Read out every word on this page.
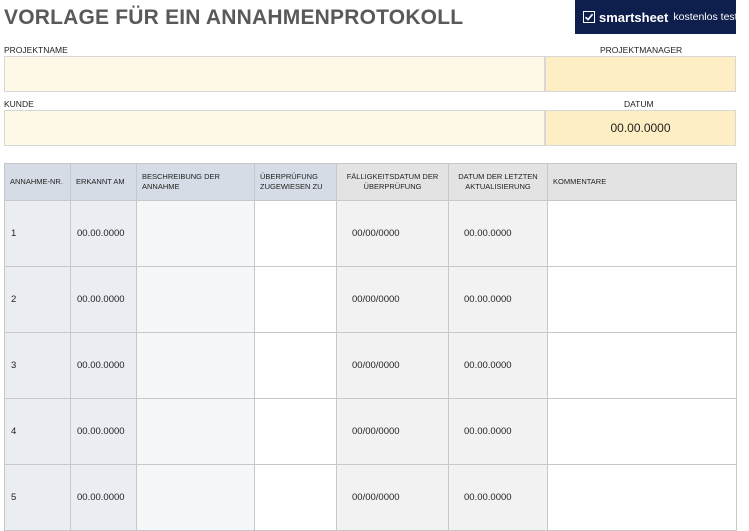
VORLAGE FÜR EIN ANNAHMENPROTOKOLL	smartsheet kostenlos testen
PROJEKTNAME	PROJEKTMANAGER
KUNDE	DATUM
00.00.0000
ANNAHME-NR.	ERKANNT AM	BESCHREIBUNG DER ANNAHME	ÜBERPRÜFUNG ZUGEWIESEN ZU	FÄLLIGKEITSDATUM DER ÜBERPRÜFUNG	DATUM DER LETZTEN AKTUALISIERUNG	KOMMENTARE
1	00.00.0000			00/00/0000	00.00.0000	
2	00.00.0000			00/00/0000	00.00.0000	
3	00.00.0000			00/00/0000	00.00.0000	
4	00.00.0000			00/00/0000	00.00.0000	
5	00.00.0000			00/00/0000	00.00.0000	
